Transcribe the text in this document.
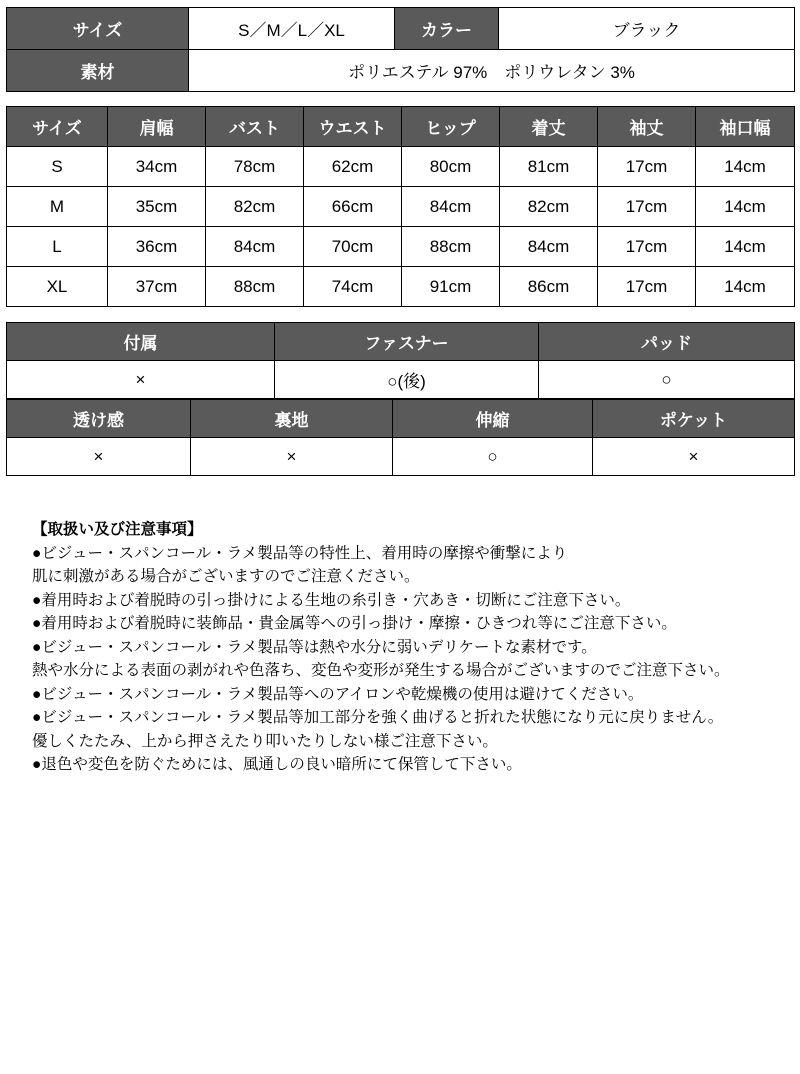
サイズ	S／M／L／XL	カラー	ブラック
素材	ポリエステル 97%　ポリウレタン 3%		
サイズ	肩幅	バスト	ウエスト	ヒップ	着丈	袖丈	袖口幅
S	34cm	78cm	62cm	80cm	81cm	17cm	14cm
M	35cm	82cm	66cm	84cm	82cm	17cm	14cm
L	36cm	84cm	70cm	88cm	84cm	17cm	14cm
XL	37cm	88cm	74cm	91cm	86cm	17cm	14cm
付属	ファスナー	パッド
×	○(後)	○
透け感	裏地	伸縮	ポケット
×	×	○	×
【取扱い及び注意事項】
●ビジュー・スパンコール・ラメ製品等の特性上、着用時の摩擦や衝撃により
肌に刺激がある場合がございますのでご注意ください。
●着用時および着脱時の引っ掛けによる生地の糸引き・穴あき・切断にご注意下さい。
●着用時および着脱時に装飾品・貴金属等への引っ掛け・摩擦・ひきつれ等にご注意下さい。
●ビジュー・スパンコール・ラメ製品等は熱や水分に弱いデリケートな素材です。
熱や水分による表面の剥がれや色落ち、変色や変形が発生する場合がございますのでご注意下さい。
●ビジュー・スパンコール・ラメ製品等へのアイロンや乾燥機の使用は避けてください。
●ビジュー・スパンコール・ラメ製品等加工部分を強く曲げると折れた状態になり元に戻りません。
優しくたたみ、上から押さえたり叩いたりしない様ご注意下さい。
●退色や変色を防ぐためには、風通しの良い暗所にて保管して下さい。
